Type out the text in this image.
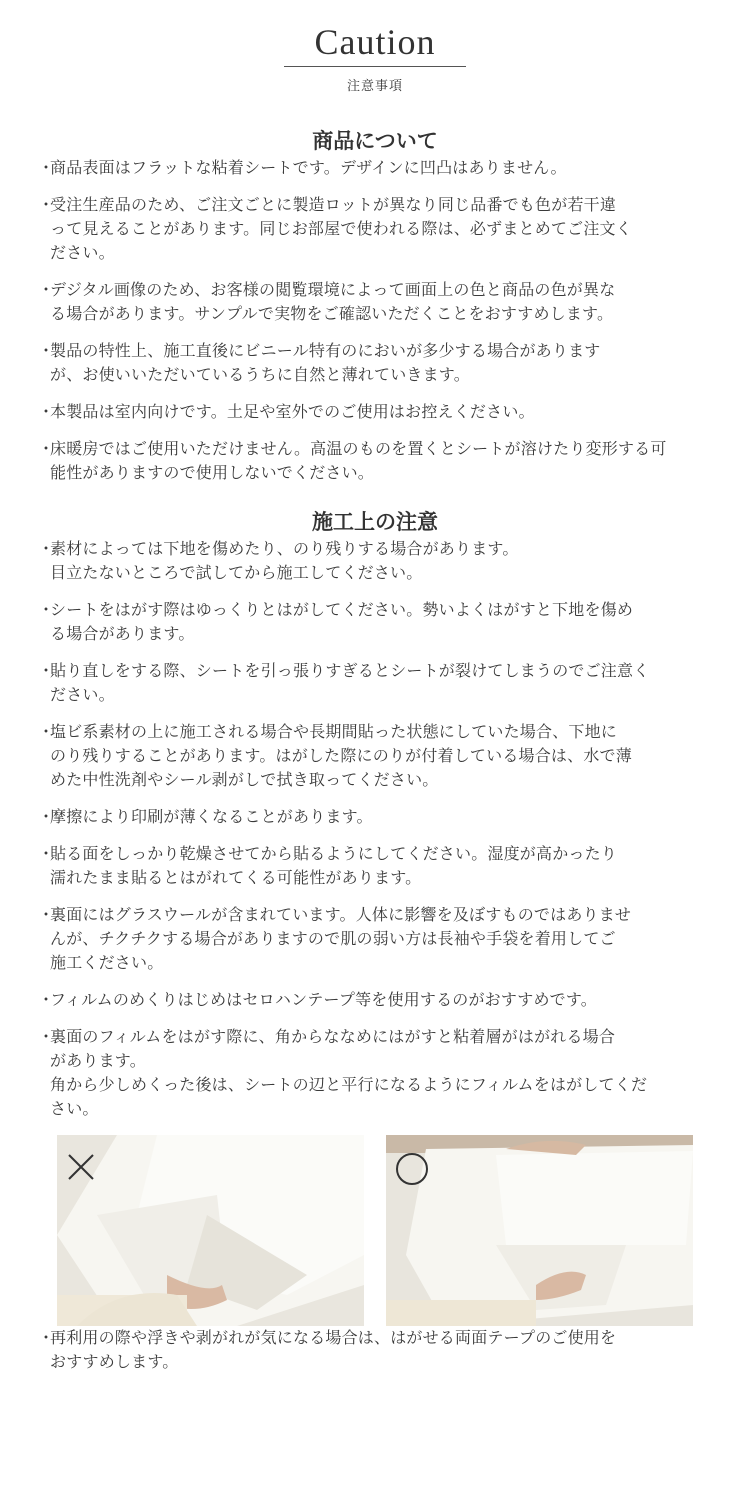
Caution
注意事項
商品について
・
商品表面はフラットな粘着シートです。デザインに凹凸はありません。
・
受注生産品のため、ご注文ごとに製造ロットが異なり同じ品番でも色が若干違
って見えることがあります。同じお部屋で使われる際は、必ずまとめてご注文く
ださい。
・
デジタル画像のため、お客様の閲覧環境によって画面上の色と商品の色が異な
る場合があります。サンプルで実物をご確認いただくことをおすすめします。
・
製品の特性上、施工直後にビニール特有のにおいが多少する場合があります
が、お使いいただいているうちに自然と薄れていきます。
・
本製品は室内向けです。土足や室外でのご使用はお控えください。
・
床暖房ではご使用いただけません。高温のものを置くとシートが溶けたり変形する可
能性がありますので使用しないでください。
施工上の注意
・
素材によっては下地を傷めたり、のり残りする場合があります。
目立たないところで試してから施工してください。
・
シートをはがす際はゆっくりとはがしてください。勢いよくはがすと下地を傷め
る場合があります。
・
貼り直しをする際、シートを引っ張りすぎるとシートが裂けてしまうのでご注意く
ださい。
・
塩ビ系素材の上に施工される場合や長期間貼った状態にしていた場合、下地に
のり残りすることがあります。はがした際にのりが付着している場合は、水で薄
めた中性洗剤やシール剥がしで拭き取ってください。
・
摩擦により印刷が薄くなることがあります。
・
貼る面をしっかり乾燥させてから貼るようにしてください。湿度が高かったり
濡れたまま貼るとはがれてくる可能性があります。
・
裏面にはグラスウールが含まれています。人体に影響を及ぼすものではありませ
んが、チクチクする場合がありますので肌の弱い方は長袖や手袋を着用してご
施工ください。
・
フィルムのめくりはじめはセロハンテープ等を使用するのがおすすめです。
・
裏面のフィルムをはがす際に、角からななめにはがすと粘着層がはがれる場合
があります。
角から少しめくった後は、シートの辺と平行になるようにフィルムをはがしてくだ
さい。
・
再利用の際や浮きや剥がれが気になる場合は、はがせる両面テープのご使用を
おすすめします。
